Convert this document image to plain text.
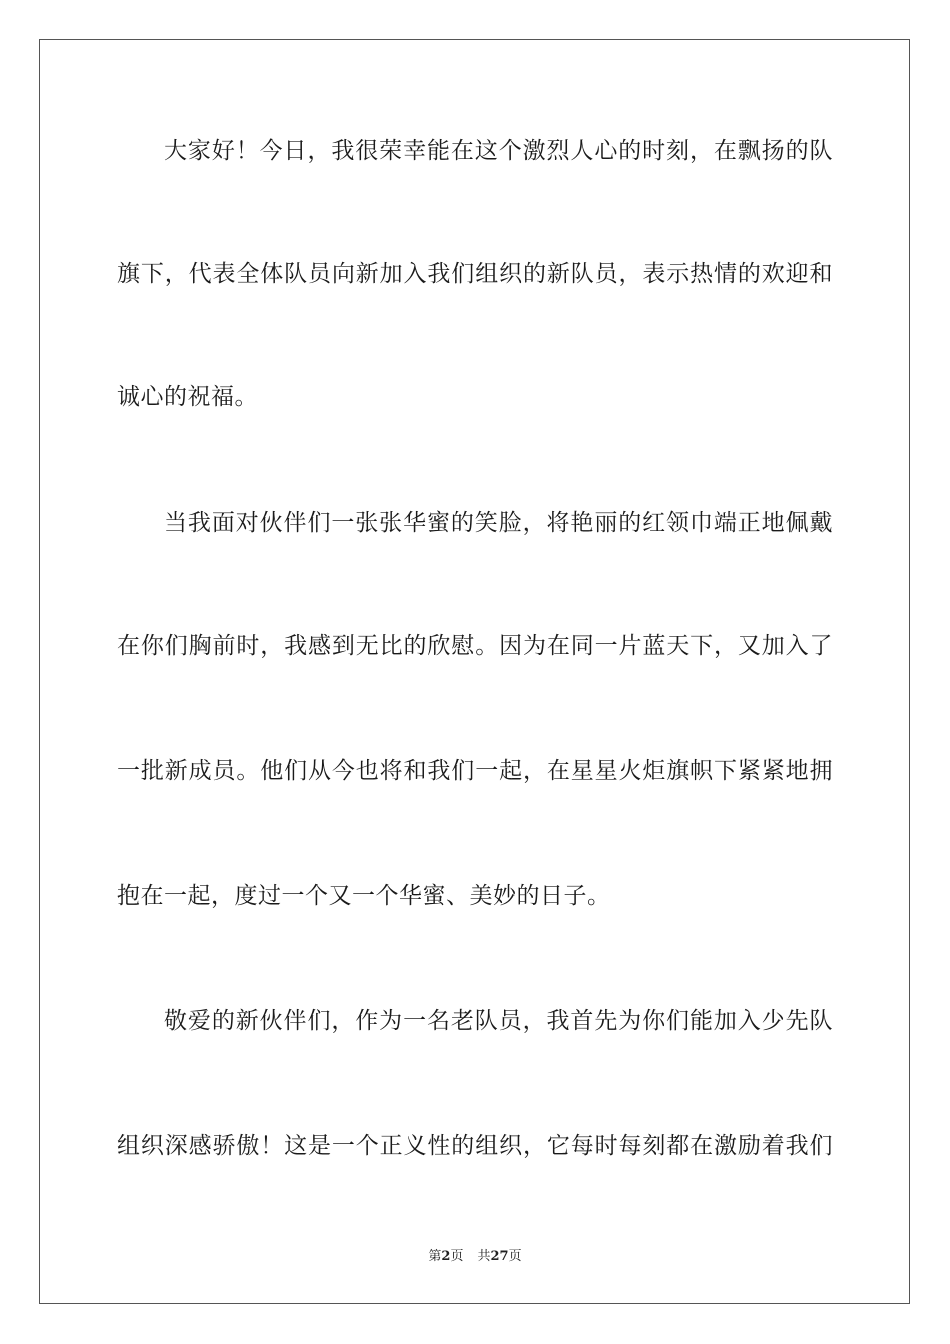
大家好！今日，我很荣幸能在这个激烈人心的时刻，在飘扬的队
旗下，代表全体队员向新加入我们组织的新队员，表示热情的欢迎和
诚心的祝福。
当我面对伙伴们一张张华蜜的笑脸，将艳丽的红领巾端正地佩戴
在你们胸前时，我感到无比的欣慰。因为在同一片蓝天下，又加入了
一批新成员。他们从今也将和我们一起，在星星火炬旗帜下紧紧地拥
抱在一起，度过一个又一个华蜜、美妙的日子。
敬爱的新伙伴们，作为一名老队员，我首先为你们能加入少先队
组织深感骄傲！这是一个正义性的组织，它每时每刻都在激励着我们
第2页 共27页
